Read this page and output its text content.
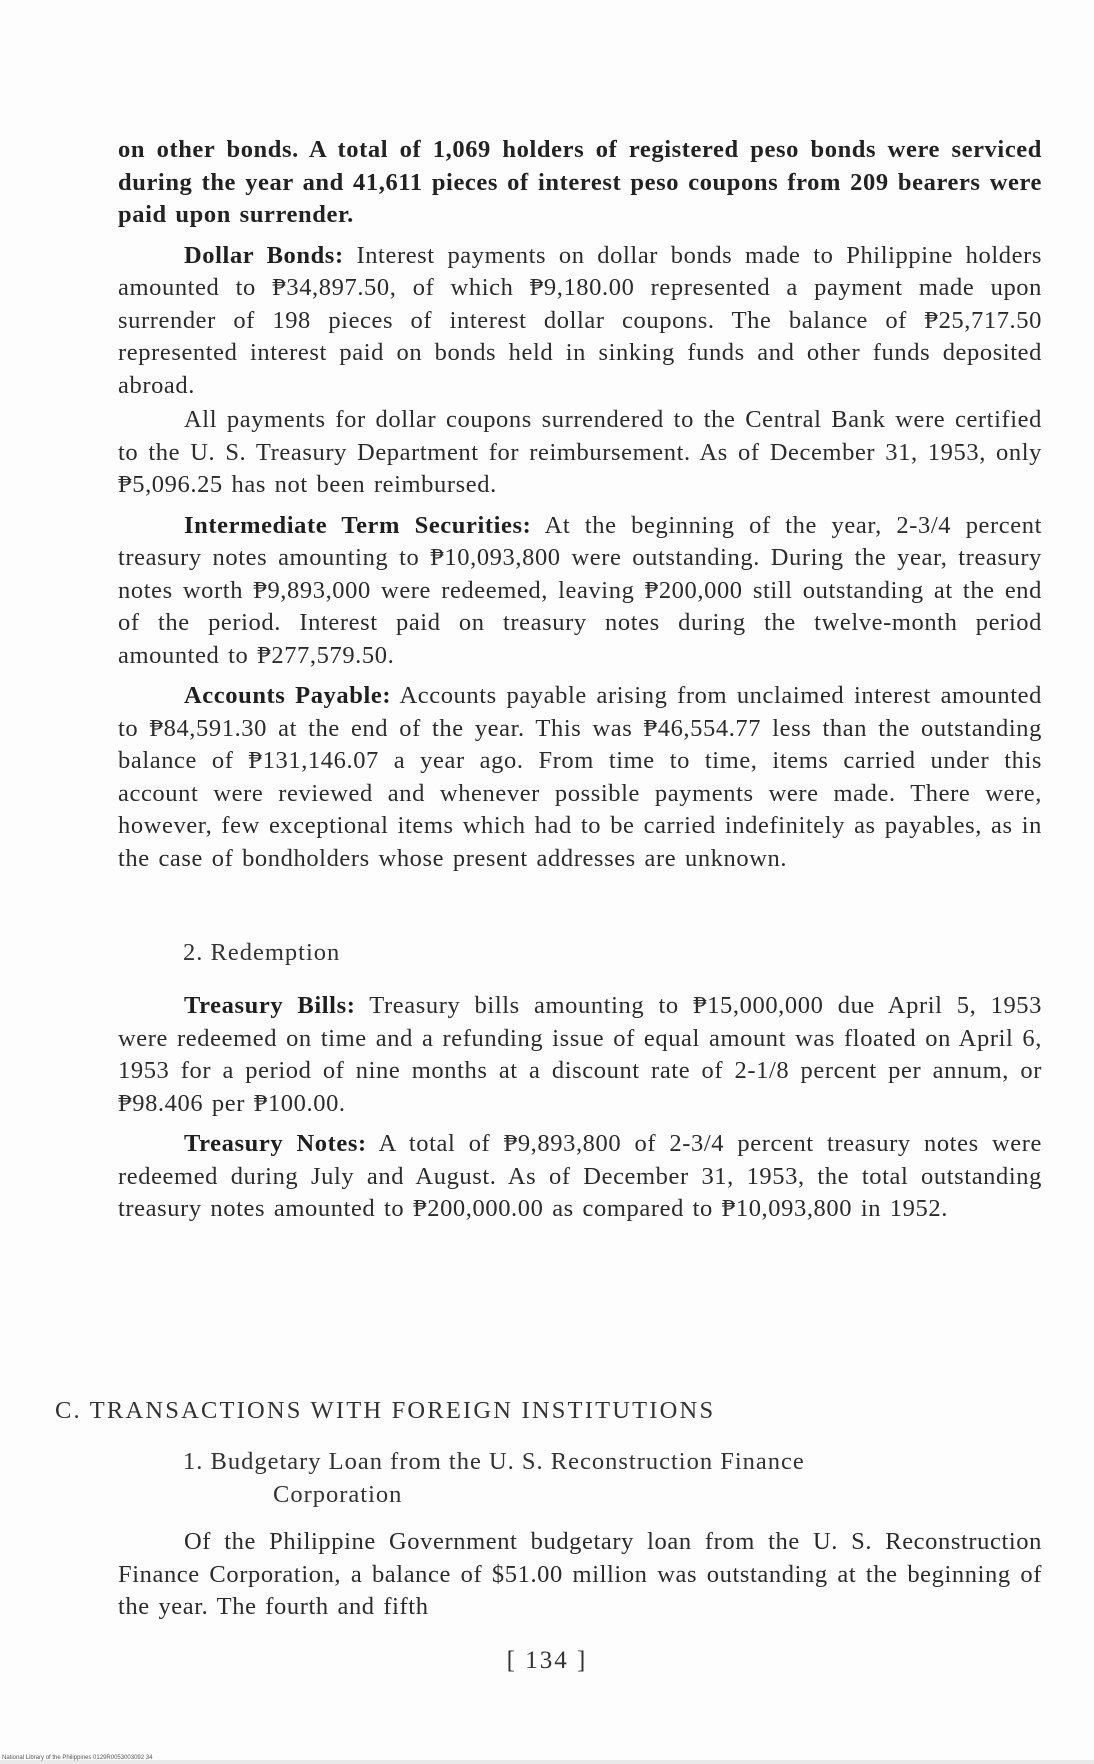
on other bonds. A total of 1,069 holders of registered peso bonds were serviced during the year and 41,611 pieces of interest peso coupons from 209 bearers were paid upon surrender.

Dollar Bonds: Interest payments on dollar bonds made to Philippine holders amounted to ₱34,897.50, of which ₱9,180.00 represented a payment made upon surrender of 198 pieces of interest dollar coupons. The balance of ₱25,717.50 represented interest paid on bonds held in sinking funds and other funds deposited abroad.

All payments for dollar coupons surrendered to the Central Bank were certified to the U. S. Treasury Department for reimbursement. As of December 31, 1953, only ₱5,096.25 has not been reimbursed.

Intermediate Term Securities: At the beginning of the year, 2-3/4 percent treasury notes amounting to ₱10,093,800 were outstanding. During the year, treasury notes worth ₱9,893,000 were redeemed, leaving ₱200,000 still outstanding at the end of the period. Interest paid on treasury notes during the twelve-month period amounted to ₱277,579.50.

Accounts Payable: Accounts payable arising from unclaimed interest amounted to ₱84,591.30 at the end of the year. This was ₱46,554.77 less than the outstanding balance of ₱131,146.07 a year ago. From time to time, items carried under this account were reviewed and whenever possible payments were made. There were, however, few exceptional items which had to be carried indefinitely as payables, as in the case of bondholders whose present addresses are unknown.

2. Redemption

Treasury Bills: Treasury bills amounting to ₱15,000,000 due April 5, 1953 were redeemed on time and a refunding issue of equal amount was floated on April 6, 1953 for a period of nine months at a discount rate of 2-1/8 percent per annum, or ₱98.406 per ₱100.00.

Treasury Notes: A total of ₱9,893,800 of 2-3/4 percent treasury notes were redeemed during July and August. As of December 31, 1953, the total outstanding treasury notes amounted to ₱200,000.00 as compared to ₱10,093,800 in 1952.

C. TRANSACTIONS WITH FOREIGN INSTITUTIONS
1. Budgetary Loan from the U. S. Reconstruction Finance
Corporation

Of the Philippine Government budgetary loan from the U. S. Reconstruction Finance Corporation, a balance of $51.00 million was outstanding at the beginning of the year. The fourth and fifth

[ 134 ]
National Library of the Philippines 0129R0053003092 34
